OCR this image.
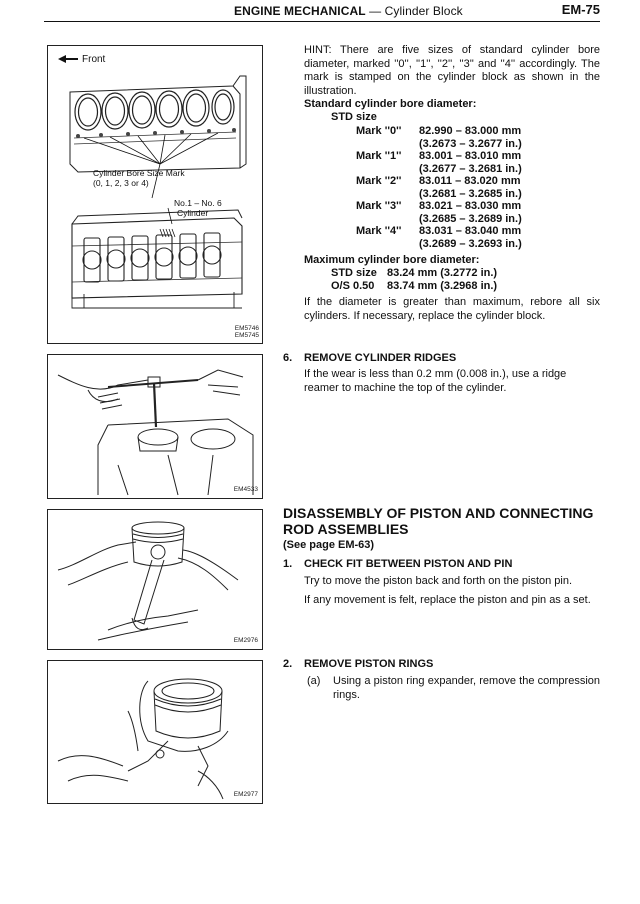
ENGINE MECHANICAL — Cylinder Block	EM-75
Front
Cylinder Bore Size Mark
(0, 1, 2, 3 or 4)
No.1 – No. 6
Cylinder
EM5746
EM5745
HINT: There are five sizes of standard cylinder bore diameter, marked ''0'', ''1'', ''2'', ''3'' and ''4'' accordingly. The mark is stamped on the cylinder block as shown in the illustration.
Standard cylinder bore diameter:
STD size
Mark ''0'' 82.990 – 83.000 mm
(3.2673 – 3.2677 in.)
Mark ''1'' 83.001 – 83.010 mm
(3.2677 – 3.2681 in.)
Mark ''2'' 83.011 – 83.020 mm
(3.2681 – 3.2685 in.)
Mark ''3'' 83.021 – 83.030 mm
(3.2685 – 3.2689 in.)
Mark ''4'' 83.031 – 83.040 mm
(3.2689 – 3.2693 in.)
Maximum cylinder bore diameter:
STD size 83.24 mm (3.2772 in.)
O/S 0.50 83.74 mm (3.2968 in.)
If the diameter is greater than maximum, rebore all six cylinders. If necessary, replace the cylinder block.
EM4533
6. REMOVE CYLINDER RIDGES
If the wear is less than 0.2 mm (0.008 in.), use a ridge reamer to machine the top of the cylinder.
EM2976
DISASSEMBLY OF PISTON AND CONNECTING
ROD ASSEMBLIES
(See page EM-63)
1. CHECK FIT BETWEEN PISTON AND PIN
Try to move the piston back and forth on the piston pin.
If any movement is felt, replace the piston and pin as a set.
EM2977
2. REMOVE PISTON RINGS
(a)	Using a piston ring expander, remove the compression rings.
